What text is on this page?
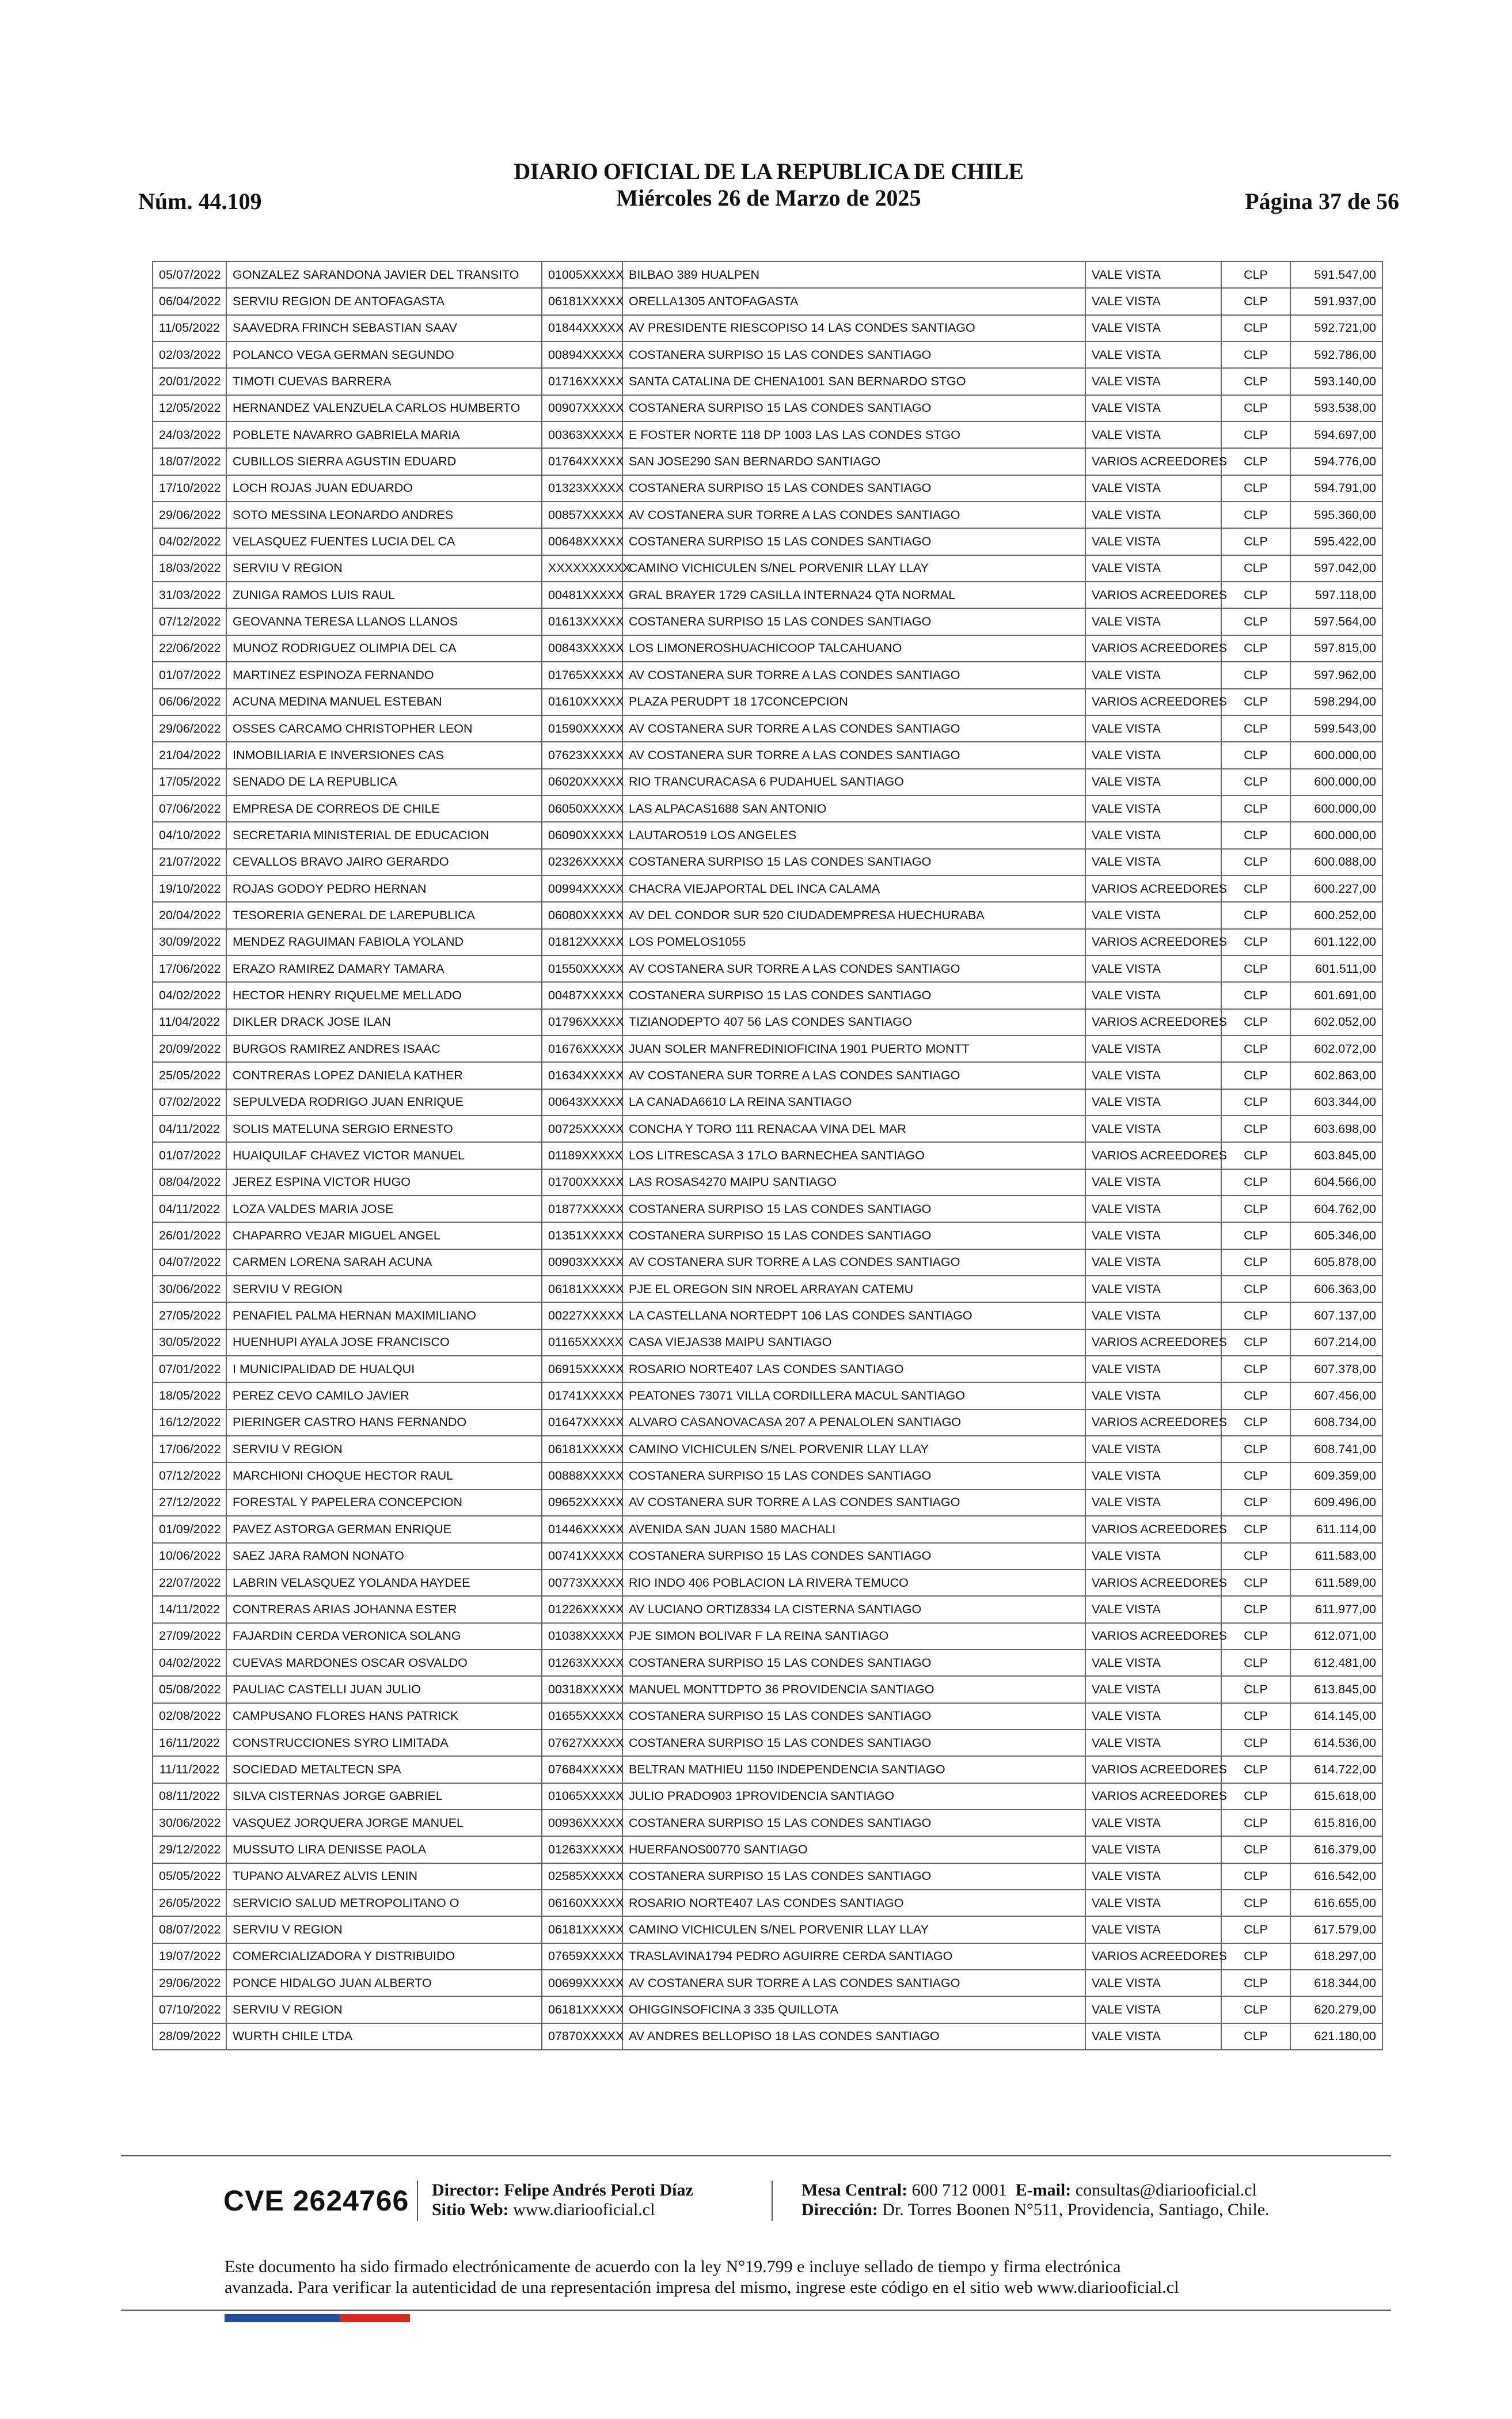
Núm. 44.109
DIARIO OFICIAL DE LA REPUBLICA DE CHILE
Miércoles 26 de Marzo de 2025	Página 37 de 56
05/07/2022	GONZALEZ SARANDONA JAVIER DEL TRANSITO	01005XXXXX	BILBAO 389 HUALPEN	VALE VISTA	CLP	591.547,00
06/04/2022	SERVIU REGION DE ANTOFAGASTA	06181XXXXX	ORELLA1305 ANTOFAGASTA	VALE VISTA	CLP	591.937,00
11/05/2022	SAAVEDRA FRINCH SEBASTIAN SAAV	01844XXXXX	AV PRESIDENTE RIESCOPISO 14 LAS CONDES SANTIAGO	VALE VISTA	CLP	592.721,00
02/03/2022	POLANCO VEGA GERMAN SEGUNDO	00894XXXXX	COSTANERA SURPISO 15 LAS CONDES SANTIAGO	VALE VISTA	CLP	592.786,00
20/01/2022	TIMOTI CUEVAS BARRERA	01716XXXXX	SANTA CATALINA DE CHENA1001 SAN BERNARDO STGO	VALE VISTA	CLP	593.140,00
12/05/2022	HERNANDEZ VALENZUELA CARLOS HUMBERTO	00907XXXXX	COSTANERA SURPISO 15 LAS CONDES SANTIAGO	VALE VISTA	CLP	593.538,00
24/03/2022	POBLETE NAVARRO GABRIELA MARIA	00363XXXXX	E FOSTER NORTE 118 DP 1003 LAS LAS CONDES STGO	VALE VISTA	CLP	594.697,00
18/07/2022	CUBILLOS SIERRA AGUSTIN EDUARD	01764XXXXX	SAN JOSE290 SAN BERNARDO SANTIAGO	VARIOS ACREEDORES	CLP	594.776,00
17/10/2022	LOCH ROJAS JUAN EDUARDO	01323XXXXX	COSTANERA SURPISO 15 LAS CONDES SANTIAGO	VALE VISTA	CLP	594.791,00
29/06/2022	SOTO MESSINA LEONARDO ANDRES	00857XXXXX	AV COSTANERA SUR TORRE A LAS CONDES SANTIAGO	VALE VISTA	CLP	595.360,00
04/02/2022	VELASQUEZ FUENTES LUCIA DEL CA	00648XXXXX	COSTANERA SURPISO 15 LAS CONDES SANTIAGO	VALE VISTA	CLP	595.422,00
18/03/2022	SERVIU V REGION	XXXXXXXXXX	CAMINO VICHICULEN S/NEL PORVENIR LLAY LLAY	VALE VISTA	CLP	597.042,00
31/03/2022	ZUNIGA RAMOS LUIS RAUL	00481XXXXX	GRAL BRAYER 1729 CASILLA INTERNA24 QTA NORMAL	VARIOS ACREEDORES	CLP	597.118,00
07/12/2022	GEOVANNA TERESA LLANOS LLANOS	01613XXXXX	COSTANERA SURPISO 15 LAS CONDES SANTIAGO	VALE VISTA	CLP	597.564,00
22/06/2022	MUNOZ RODRIGUEZ OLIMPIA DEL CA	00843XXXXX	LOS LIMONEROSHUACHICOOP TALCAHUANO	VARIOS ACREEDORES	CLP	597.815,00
01/07/2022	MARTINEZ ESPINOZA FERNANDO	01765XXXXX	AV COSTANERA SUR TORRE A LAS CONDES SANTIAGO	VALE VISTA	CLP	597.962,00
06/06/2022	ACUNA MEDINA MANUEL ESTEBAN	01610XXXXX	PLAZA PERUDPT 18 17CONCEPCION	VARIOS ACREEDORES	CLP	598.294,00
29/06/2022	OSSES CARCAMO CHRISTOPHER LEON	01590XXXXX	AV COSTANERA SUR TORRE A LAS CONDES SANTIAGO	VALE VISTA	CLP	599.543,00
21/04/2022	INMOBILIARIA E INVERSIONES CAS	07623XXXXX	AV COSTANERA SUR TORRE A LAS CONDES SANTIAGO	VALE VISTA	CLP	600.000,00
17/05/2022	SENADO DE LA REPUBLICA	06020XXXXX	RIO TRANCURACASA 6 PUDAHUEL SANTIAGO	VALE VISTA	CLP	600.000,00
07/06/2022	EMPRESA DE CORREOS DE CHILE	06050XXXXX	LAS ALPACAS1688 SAN ANTONIO	VALE VISTA	CLP	600.000,00
04/10/2022	SECRETARIA MINISTERIAL DE EDUCACION	06090XXXXX	LAUTARO519 LOS ANGELES	VALE VISTA	CLP	600.000,00
21/07/2022	CEVALLOS BRAVO JAIRO GERARDO	02326XXXXX	COSTANERA SURPISO 15 LAS CONDES SANTIAGO	VALE VISTA	CLP	600.088,00
19/10/2022	ROJAS GODOY PEDRO HERNAN	00994XXXXX	CHACRA VIEJAPORTAL DEL INCA CALAMA	VARIOS ACREEDORES	CLP	600.227,00
20/04/2022	TESORERIA GENERAL DE LAREPUBLICA	06080XXXXX	AV DEL CONDOR SUR 520 CIUDADEMPRESA HUECHURABA	VALE VISTA	CLP	600.252,00
30/09/2022	MENDEZ RAGUIMAN FABIOLA YOLAND	01812XXXXX	LOS POMELOS1055	VARIOS ACREEDORES	CLP	601.122,00
17/06/2022	ERAZO RAMIREZ DAMARY TAMARA	01550XXXXX	AV COSTANERA SUR TORRE A LAS CONDES SANTIAGO	VALE VISTA	CLP	601.511,00
04/02/2022	HECTOR HENRY RIQUELME MELLADO	00487XXXXX	COSTANERA SURPISO 15 LAS CONDES SANTIAGO	VALE VISTA	CLP	601.691,00
11/04/2022	DIKLER DRACK JOSE ILAN	01796XXXXX	TIZIANODEPTO 407 56 LAS CONDES SANTIAGO	VARIOS ACREEDORES	CLP	602.052,00
20/09/2022	BURGOS RAMIREZ ANDRES ISAAC	01676XXXXX	JUAN SOLER MANFREDINIOFICINA 1901 PUERTO MONTT	VALE VISTA	CLP	602.072,00
25/05/2022	CONTRERAS LOPEZ DANIELA KATHER	01634XXXXX	AV COSTANERA SUR TORRE A LAS CONDES SANTIAGO	VALE VISTA	CLP	602.863,00
07/02/2022	SEPULVEDA RODRIGO JUAN ENRIQUE	00643XXXXX	LA CANADA6610 LA REINA SANTIAGO	VALE VISTA	CLP	603.344,00
04/11/2022	SOLIS MATELUNA SERGIO ERNESTO	00725XXXXX	CONCHA Y TORO 111 RENACAA VINA DEL MAR	VALE VISTA	CLP	603.698,00
01/07/2022	HUAIQUILAF CHAVEZ VICTOR MANUEL	01189XXXXX	LOS LITRESCASA 3 17LO BARNECHEA SANTIAGO	VARIOS ACREEDORES	CLP	603.845,00
08/04/2022	JEREZ ESPINA VICTOR HUGO	01700XXXXX	LAS ROSAS4270 MAIPU SANTIAGO	VALE VISTA	CLP	604.566,00
04/11/2022	LOZA VALDES MARIA JOSE	01877XXXXX	COSTANERA SURPISO 15 LAS CONDES SANTIAGO	VALE VISTA	CLP	604.762,00
26/01/2022	CHAPARRO VEJAR MIGUEL ANGEL	01351XXXXX	COSTANERA SURPISO 15 LAS CONDES SANTIAGO	VALE VISTA	CLP	605.346,00
04/07/2022	CARMEN LORENA SARAH ACUNA	00903XXXXX	AV COSTANERA SUR TORRE A LAS CONDES SANTIAGO	VALE VISTA	CLP	605.878,00
30/06/2022	SERVIU V REGION	06181XXXXX	PJE EL OREGON SIN NROEL ARRAYAN CATEMU	VALE VISTA	CLP	606.363,00
27/05/2022	PENAFIEL PALMA HERNAN MAXIMILIANO	00227XXXXX	LA CASTELLANA NORTEDPT 106 LAS CONDES SANTIAGO	VALE VISTA	CLP	607.137,00
30/05/2022	HUENHUPI AYALA JOSE FRANCISCO	01165XXXXX	CASA VIEJAS38 MAIPU SANTIAGO	VARIOS ACREEDORES	CLP	607.214,00
07/01/2022	I MUNICIPALIDAD DE HUALQUI	06915XXXXX	ROSARIO NORTE407 LAS CONDES SANTIAGO	VALE VISTA	CLP	607.378,00
18/05/2022	PEREZ CEVO CAMILO JAVIER	01741XXXXX	PEATONES 73071 VILLA CORDILLERA MACUL SANTIAGO	VALE VISTA	CLP	607.456,00
16/12/2022	PIERINGER CASTRO HANS FERNANDO	01647XXXXX	ALVARO CASANOVACASA 207 A PENALOLEN SANTIAGO	VARIOS ACREEDORES	CLP	608.734,00
17/06/2022	SERVIU V REGION	06181XXXXX	CAMINO VICHICULEN S/NEL PORVENIR LLAY LLAY	VALE VISTA	CLP	608.741,00
07/12/2022	MARCHIONI CHOQUE HECTOR RAUL	00888XXXXX	COSTANERA SURPISO 15 LAS CONDES SANTIAGO	VALE VISTA	CLP	609.359,00
27/12/2022	FORESTAL Y PAPELERA CONCEPCION	09652XXXXX	AV COSTANERA SUR TORRE A LAS CONDES SANTIAGO	VALE VISTA	CLP	609.496,00
01/09/2022	PAVEZ ASTORGA GERMAN ENRIQUE	01446XXXXX	AVENIDA SAN JUAN 1580 MACHALI	VARIOS ACREEDORES	CLP	611.114,00
10/06/2022	SAEZ JARA RAMON NONATO	00741XXXXX	COSTANERA SURPISO 15 LAS CONDES SANTIAGO	VALE VISTA	CLP	611.583,00
22/07/2022	LABRIN VELASQUEZ YOLANDA HAYDEE	00773XXXXX	RIO INDO 406 POBLACION LA RIVERA TEMUCO	VARIOS ACREEDORES	CLP	611.589,00
14/11/2022	CONTRERAS ARIAS JOHANNA ESTER	01226XXXXX	AV LUCIANO ORTIZ8334 LA CISTERNA SANTIAGO	VALE VISTA	CLP	611.977,00
27/09/2022	FAJARDIN CERDA VERONICA SOLANG	01038XXXXX	PJE SIMON BOLIVAR F LA REINA SANTIAGO	VARIOS ACREEDORES	CLP	612.071,00
04/02/2022	CUEVAS MARDONES OSCAR OSVALDO	01263XXXXX	COSTANERA SURPISO 15 LAS CONDES SANTIAGO	VALE VISTA	CLP	612.481,00
05/08/2022	PAULIAC CASTELLI JUAN JULIO	00318XXXXX	MANUEL MONTTDPTO 36 PROVIDENCIA SANTIAGO	VALE VISTA	CLP	613.845,00
02/08/2022	CAMPUSANO FLORES HANS PATRICK	01655XXXXX	COSTANERA SURPISO 15 LAS CONDES SANTIAGO	VALE VISTA	CLP	614.145,00
16/11/2022	CONSTRUCCIONES SYRO LIMITADA	07627XXXXX	COSTANERA SURPISO 15 LAS CONDES SANTIAGO	VALE VISTA	CLP	614.536,00
11/11/2022	SOCIEDAD METALTECN SPA	07684XXXXX	BELTRAN MATHIEU 1150 INDEPENDENCIA SANTIAGO	VARIOS ACREEDORES	CLP	614.722,00
08/11/2022	SILVA CISTERNAS JORGE GABRIEL	01065XXXXX	JULIO PRADO903 1PROVIDENCIA SANTIAGO	VARIOS ACREEDORES	CLP	615.618,00
30/06/2022	VASQUEZ JORQUERA JORGE MANUEL	00936XXXXX	COSTANERA SURPISO 15 LAS CONDES SANTIAGO	VALE VISTA	CLP	615.816,00
29/12/2022	MUSSUTO LIRA DENISSE PAOLA	01263XXXXX	HUERFANOS00770 SANTIAGO	VALE VISTA	CLP	616.379,00
05/05/2022	TUPANO ALVAREZ ALVIS LENIN	02585XXXXX	COSTANERA SURPISO 15 LAS CONDES SANTIAGO	VALE VISTA	CLP	616.542,00
26/05/2022	SERVICIO SALUD METROPOLITANO O	06160XXXXX	ROSARIO NORTE407 LAS CONDES SANTIAGO	VALE VISTA	CLP	616.655,00
08/07/2022	SERVIU V REGION	06181XXXXX	CAMINO VICHICULEN S/NEL PORVENIR LLAY LLAY	VALE VISTA	CLP	617.579,00
19/07/2022	COMERCIALIZADORA Y DISTRIBUIDO	07659XXXXX	TRASLAVINA1794 PEDRO AGUIRRE CERDA SANTIAGO	VARIOS ACREEDORES	CLP	618.297,00
29/06/2022	PONCE HIDALGO JUAN ALBERTO	00699XXXXX	AV COSTANERA SUR TORRE A LAS CONDES SANTIAGO	VALE VISTA	CLP	618.344,00
07/10/2022	SERVIU V REGION	06181XXXXX	OHIGGINSOFICINA 3 335 QUILLOTA	VALE VISTA	CLP	620.279,00
28/09/2022	WURTH CHILE LTDA	07870XXXXX	AV ANDRES BELLOPISO 18 LAS CONDES SANTIAGO	VALE VISTA	CLP	621.180,00
CVE 2624766 Director: Felipe Andrés Peroti Díaz
Sitio Web: www.diariooficial.cl
Mesa Central: 600 712 0001 E-mail: consultas@diariooficial.cl
Dirección: Dr. Torres Boonen N°511, Providencia, Santiago, Chile.
Este documento ha sido firmado electrónicamente de acuerdo con la ley N°19.799 e incluye sellado de tiempo y firma electrónica
avanzada. Para verificar la autenticidad de una representación impresa del mismo, ingrese este código en el sitio web www.diariooficial.cl
